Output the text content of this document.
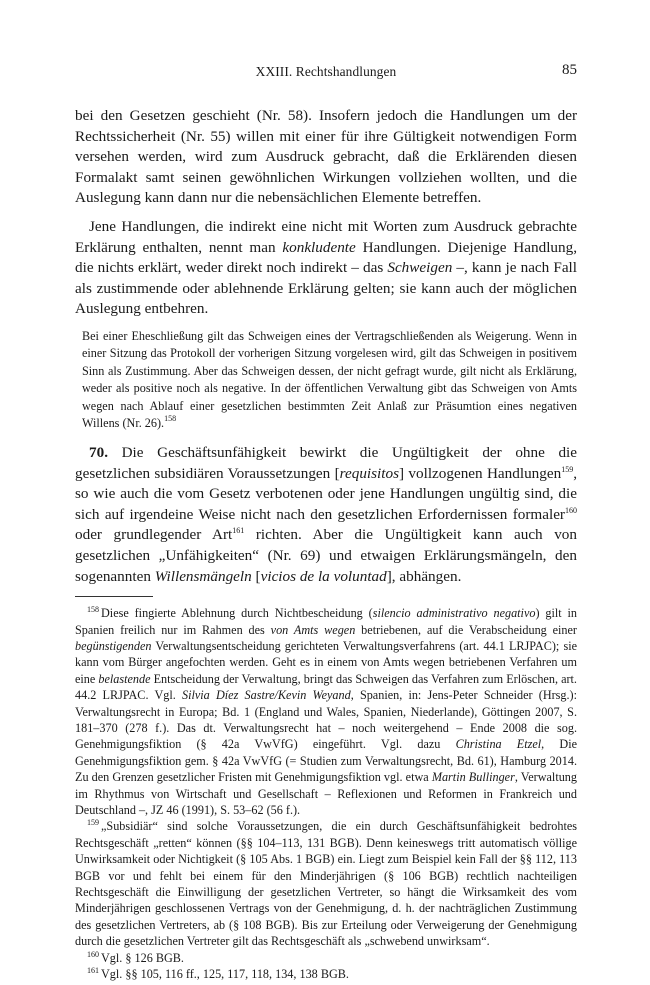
XXIII. Rechtshandlungen	85

bei den Gesetzen geschieht (Nr. 58). Insofern jedoch die Handlungen um der Rechtssicherheit (Nr. 55) willen mit einer für ihre Gültigkeit notwendigen Form versehen werden, wird zum Ausdruck gebracht, daß die Erklärenden diesen Formalakt samt seinen gewöhnlichen Wirkungen vollziehen wollten, und die Auslegung kann dann nur die nebensächlichen Elemente betreffen.

Jene Handlungen, die indirekt eine nicht mit Worten zum Ausdruck gebrachte Erklärung enthalten, nennt man konkludente Handlungen. Diejenige Handlung, die nichts erklärt, weder direkt noch indirekt – das Schweigen –, kann je nach Fall als zustimmende oder ablehnende Erklärung gelten; sie kann auch der möglichen Auslegung entbehren.

Bei einer Eheschließung gilt das Schweigen eines der Vertragschließenden als Weigerung. Wenn in einer Sitzung das Protokoll der vorherigen Sitzung vorgelesen wird, gilt das Schweigen in positivem Sinn als Zustimmung. Aber das Schweigen dessen, der nicht gefragt wurde, gilt nicht als Erklärung, weder als positive noch als negative. In der öffentlichen Verwaltung gibt das Schweigen von Amts wegen nach Ablauf einer gesetzlichen bestimmten Zeit Anlaß zur Präsumtion eines negativen Willens (Nr. 26).$^{158}$

70. Die Geschäftsunfähigkeit bewirkt die Ungültigkeit der ohne die gesetzlichen subsidiären Voraussetzungen [requisitos] vollzogenen Handlungen$^{159}$, so wie auch die vom Gesetz verbotenen oder jene Handlungen ungültig sind, die sich auf irgendeine Weise nicht nach den gesetzlichen Erfordernissen formaler$^{160}$ oder grundlegender Art$^{161}$ richten. Aber die Ungültigkeit kann auch von gesetzlichen „Unfähigkeiten“ (Nr. 69) und etwaigen Erklärungsmängeln, den sogenannten Willensmängeln [vicios de la voluntad], abhängen.

$^{158}$ Diese fingierte Ablehnung durch Nichtbescheidung (silencio administrativo negativo) gilt in Spanien freilich nur im Rahmen des von Amts wegen betriebenen, auf die Verabscheidung einer begünstigenden Verwaltungsentscheidung gerichteten Verwaltungsverfahrens (art. 44.1 LRJPAC); sie kann vom Bürger angefochten werden. Geht es in einem von Amts wegen betriebenen Verfahren um eine belastende Entscheidung der Verwaltung, bringt das Schweigen das Verfahren zum Erlöschen, art. 44.2 LRJPAC. Vgl. Silvia Díez Sastre/Kevin Weyand, Spanien, in: Jens-Peter Schneider (Hrsg.): Verwaltungsrecht in Europa; Bd. 1 (England und Wales, Spanien, Niederlande), Göttingen 2007, S. 181–370 (278 f.). Das dt. Verwaltungsrecht hat – noch weitergehend – Ende 2008 die sog. Genehmigungsfiktion (§ 42a VwVfG) eingeführt. Vgl. dazu Christina Etzel, Die Genehmigungsfiktion gem. § 42a VwVfG (= Studien zum Verwaltungsrecht, Bd. 61), Hamburg 2014. Zu den Grenzen gesetzlicher Fristen mit Genehmigungsfiktion vgl. etwa Martin Bullinger, Verwaltung im Rhythmus von Wirtschaft und Gesellschaft – Reflexionen und Reformen in Frankreich und Deutschland –, JZ 46 (1991), S. 53–62 (56 f.).

$^{159}$ „Subsidiär“ sind solche Voraussetzungen, die ein durch Geschäftsunfähigkeit bedrohtes Rechtsgeschäft „retten“ können (§§ 104–113, 131 BGB). Denn keineswegs tritt automatisch völlige Unwirksamkeit oder Nichtigkeit (§ 105 Abs. 1 BGB) ein. Liegt zum Beispiel kein Fall der §§ 112, 113 BGB vor und fehlt bei einem für den Minderjährigen (§ 106 BGB) rechtlich nachteiligen Rechtsgeschäft die Einwilligung der gesetzlichen Vertreter, so hängt die Wirksamkeit des vom Minderjährigen geschlossenen Vertrags von der Genehmigung, d. h. der nachträglichen Zustimmung des gesetzlichen Vertreters, ab (§ 108 BGB). Bis zur Erteilung oder Verweigerung der Genehmigung durch die gesetzlichen Vertreter gilt das Rechtsgeschäft als „schwebend unwirksam“.

$^{160}$ Vgl. § 126 BGB.

$^{161}$ Vgl. §§ 105, 116 ff., 125, 117, 118, 134, 138 BGB.
